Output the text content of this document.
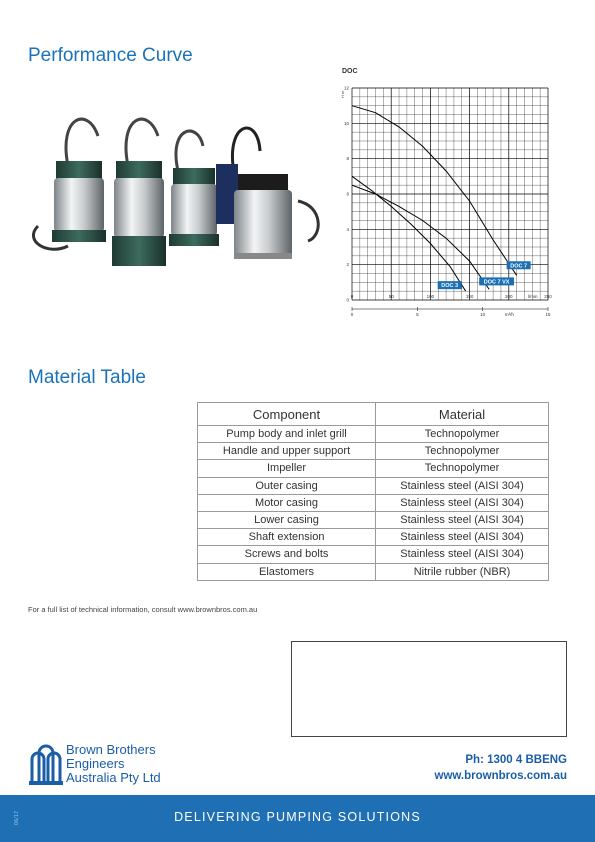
Performance Curve
Material Table
DOC
H m
0
2
4
6
8
10
12
0	50	100	150	200	250
0	5	10	15
l/min
m³/h
DOC 3
DOC 7 VX
DOC 7
Component	Material
Pump body and inlet grill	Technopolymer
Handle and upper support	Technopolymer
Impeller	Technopolymer
Outer casing	Stainless steel (AISI 304)
Motor casing	Stainless steel (AISI 304)
Lower casing	Stainless steel (AISI 304)
Shaft extension	Stainless steel (AISI 304)
Screws and bolts	Stainless steel (AISI 304)
Elastomers	Nitrile rubber (NBR)
For a full list of technical information, consult www.brownbros.com.au
Brown Brothers
Engineers
Australia Pty Ltd
Ph: 1300 4 BBENG
www.brownbros.com.au
06/17	DELIVERING PUMPING SOLUTIONS
